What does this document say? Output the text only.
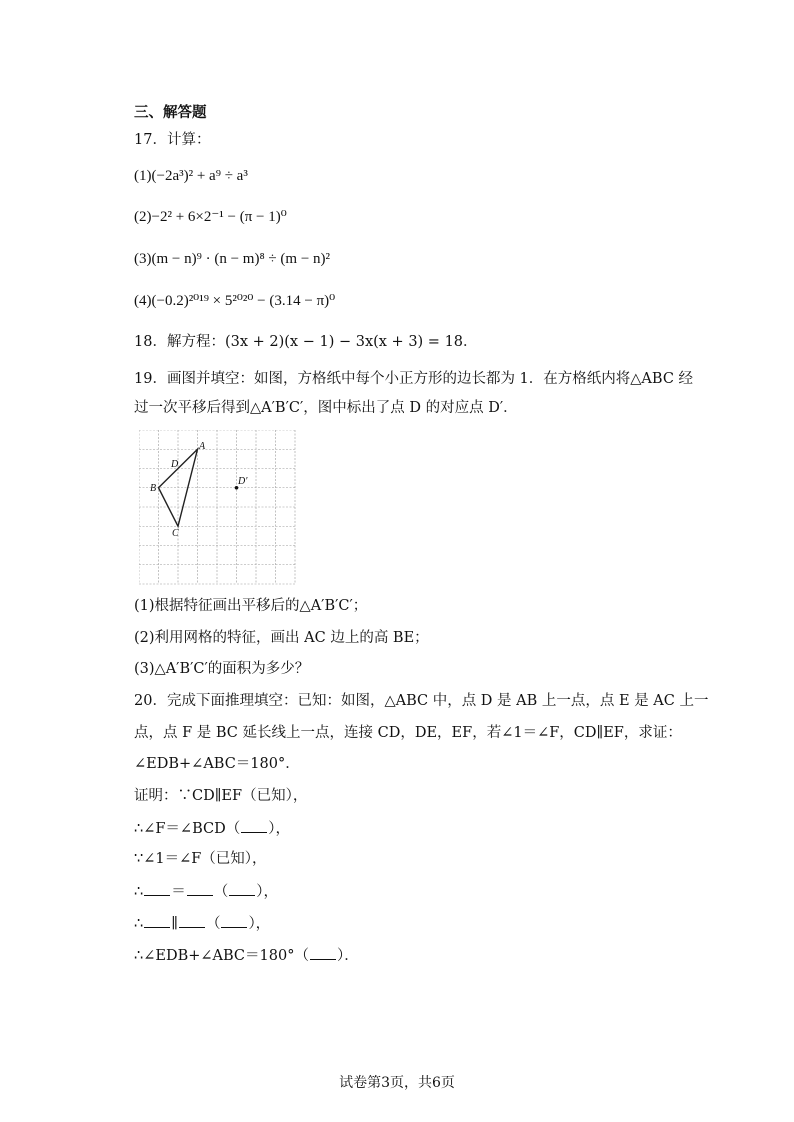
三、解答题
17．计算：
(1)(−2a³)² + a⁹ ÷ a³
(2)−2² + 6×2⁻¹ − (π − 1)⁰
(3)(m − n)⁹ · (n − m)⁸ ÷ (m − n)²
(4)(−0.2)²⁰¹⁹ × 5²⁰²⁰ − (3.14 − π)⁰
18．解方程：(3x + 2)(x − 1) − 3x(x + 3) = 18．
19．画图并填空：如图，方格纸中每个小正方形的边长都为 1．在方格纸内将△ABC 经
过一次平移后得到△A′B′C′，图中标出了点 D 的对应点 D′．
A
B
C
D
D′
(1)根据特征画出平移后的△A′B′C′；
(2)利用网格的特征，画出 AC 边上的高 BE；
(3)△A′B′C′的面积为多少？
20．完成下面推理填空：已知：如图，△ABC 中，点 D 是 AB 上一点，点 E 是 AC 上一
点，点 F 是 BC 延长线上一点，连接 CD，DE，EF，若∠1＝∠F，CD∥EF，求证：
∠EDB+∠ABC＝180°．
证明：∵CD∥EF（已知），
∴∠F＝∠BCD（ ），
∵∠1＝∠F（已知），
∴ ＝ （ ），
∴ ∥ （ ），
∴∠EDB+∠ABC＝180°（ ）．
试卷第3页，共6页
